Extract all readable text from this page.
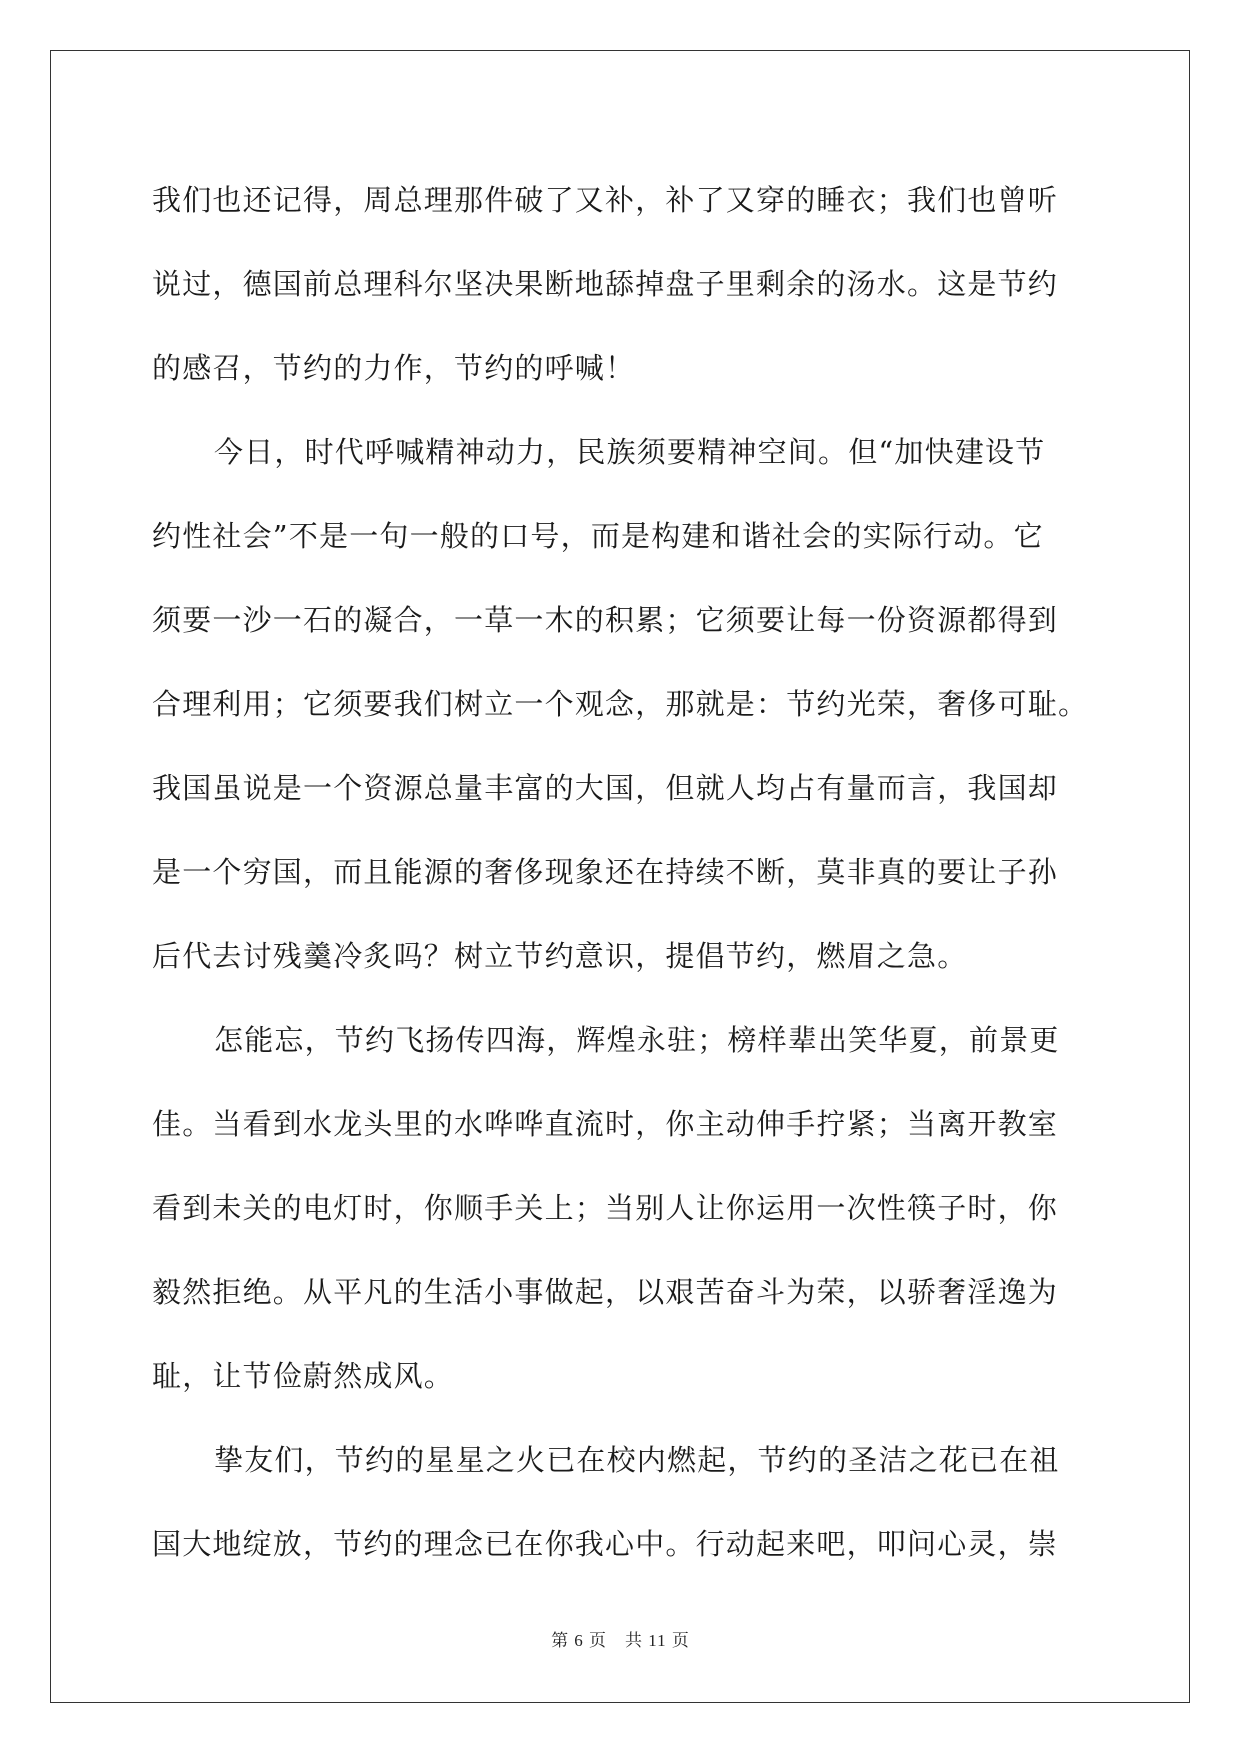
我们也还记得，周总理那件破了又补，补了又穿的睡衣；我们也曾听
说过，德国前总理科尔坚决果断地舔掉盘子里剩余的汤水。这是节约
的感召，节约的力作，节约的呼喊！
今日，时代呼喊精神动力，民族须要精神空间。但“加快建设节
约性社会”不是一句一般的口号，而是构建和谐社会的实际行动。它
须要一沙一石的凝合，一草一木的积累；它须要让每一份资源都得到
合理利用；它须要我们树立一个观念，那就是：节约光荣，奢侈可耻。
我国虽说是一个资源总量丰富的大国，但就人均占有量而言，我国却
是一个穷国，而且能源的奢侈现象还在持续不断，莫非真的要让子孙
后代去讨残羹冷炙吗？树立节约意识，提倡节约，燃眉之急。
怎能忘，节约飞扬传四海，辉煌永驻；榜样辈出笑华夏，前景更
佳。当看到水龙头里的水哗哗直流时，你主动伸手拧紧；当离开教室
看到未关的电灯时，你顺手关上；当别人让你运用一次性筷子时，你
毅然拒绝。从平凡的生活小事做起，以艰苦奋斗为荣，以骄奢淫逸为
耻，让节俭蔚然成风。
挚友们，节约的星星之火已在校内燃起，节约的圣洁之花已在祖
国大地绽放，节约的理念已在你我心中。行动起来吧，叩问心灵，崇
第 6 页　共 11 页
